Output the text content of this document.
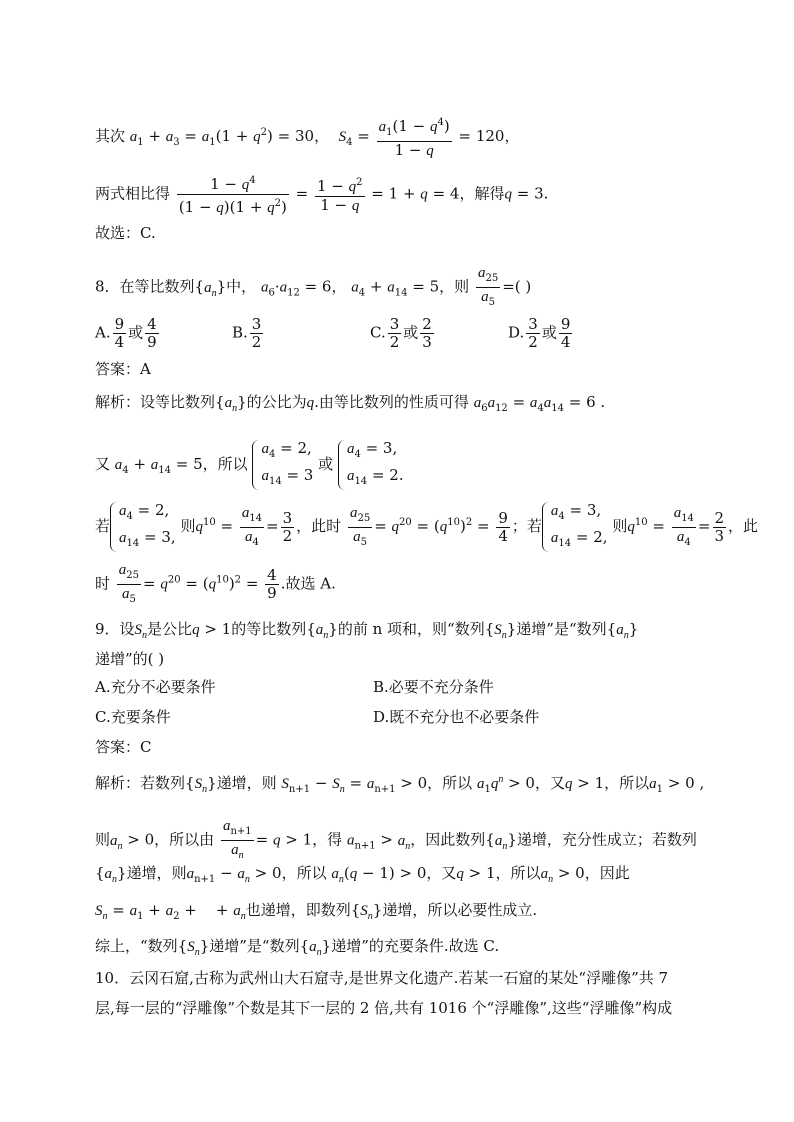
其次 $a_1 + a_3 = a_1(1 + q^2) = 30$， $S_4 = \frac{a_1(1 - q^4)}{1 - q} = 120$，
两式相比得 $\frac{1 - q^4}{(1 - q)(1 + q^2)} = \frac{1 - q^2}{1 - q} = 1 + q = 4$，解得q = 3.
故选：C.
8．在等比数列$\{a_n\}$中， $a_6\cdot a_{12} = 6$， $a_4 + a_{14} = 5$，则 $\frac{a_{25}}{a_5}$ =( )
A. $\frac{9}{4}$ 或 $\frac{4}{9}$	B. $\frac{3}{2}$	C. $\frac{3}{2}$ 或 $\frac{2}{3}$	D. $\frac{3}{2}$ 或 $\frac{9}{4}$
答案：A
解析：设等比数列$\{a_n\}$的公比为q.由等比数列的性质可得 $a_6a_{12} = a_4a_{14} = 6$ .
又 $a_4 + a_{14} = 5$，所以
$a_4 = 2$,
$a_{14} = 3$
或
$a_4 = 3$,
$a_{14} = 2$.
若
$a_4 = 2$,
$a_{14} = 3$,
则$q^{10} = \frac{a_{14}}{a_4} = \frac{3}{2}$ ，此时 $\frac{a_{25}}{a_5} = q^{20} = (q^{10})^2 = \frac{9}{4}$ ；若
$a_4 = 3$,
$a_{14} = 2$,
则$q^{10} = \frac{a_{14}}{a_4} = \frac{2}{3}$ ，此
时 $\frac{a_{25}}{a_5} = q^{20} = (q^{10})^2 = \frac{4}{9}$ .故选 A.
9．设$S_n$是公比q > 1的等比数列$\{a_n\}$的前 n 项和，则“数列$\{S_n\}$递增”是“数列$\{a_n\}$
递增”的( )
A.充分不必要条件	B.必要不充分条件
C.充要条件	D.既不充分也不必要条件
答案：C
解析：若数列$\{S_n\}$递增，则 $S_{n+1} - S_n = a_{n+1} > 0$，所以 $a_1q^n > 0$，又q > 1，所以$a_1 > 0$ ,
则$a_n > 0$，所以由 $\frac{a_{n+1}}{a_n} = q > 1$，得 $a_{n+1} > a_n$，因此数列$\{a_n\}$递增，充分性成立；若数列
$\{a_n\}$递增，则$a_{n+1} - a_n > 0$，所以 $a_n(q - 1) > 0$，又q > 1，所以$a_n > 0$，因此
$S_n = a_1 + a_2$ +    + $a_n$也递增，即数列$\{S_n\}$递增，所以必要性成立.
综上，“数列$\{S_n\}$递增”是“数列$\{a_n\}$递增”的充要条件.故选 C.
10．云冈石窟,古称为武州山大石窟寺,是世界文化遗产.若某一石窟的某处“浮雕像”共 7
层,每一层的“浮雕像”个数是其下一层的 2 倍,共有 1016 个“浮雕像”,这些“浮雕像”构成
